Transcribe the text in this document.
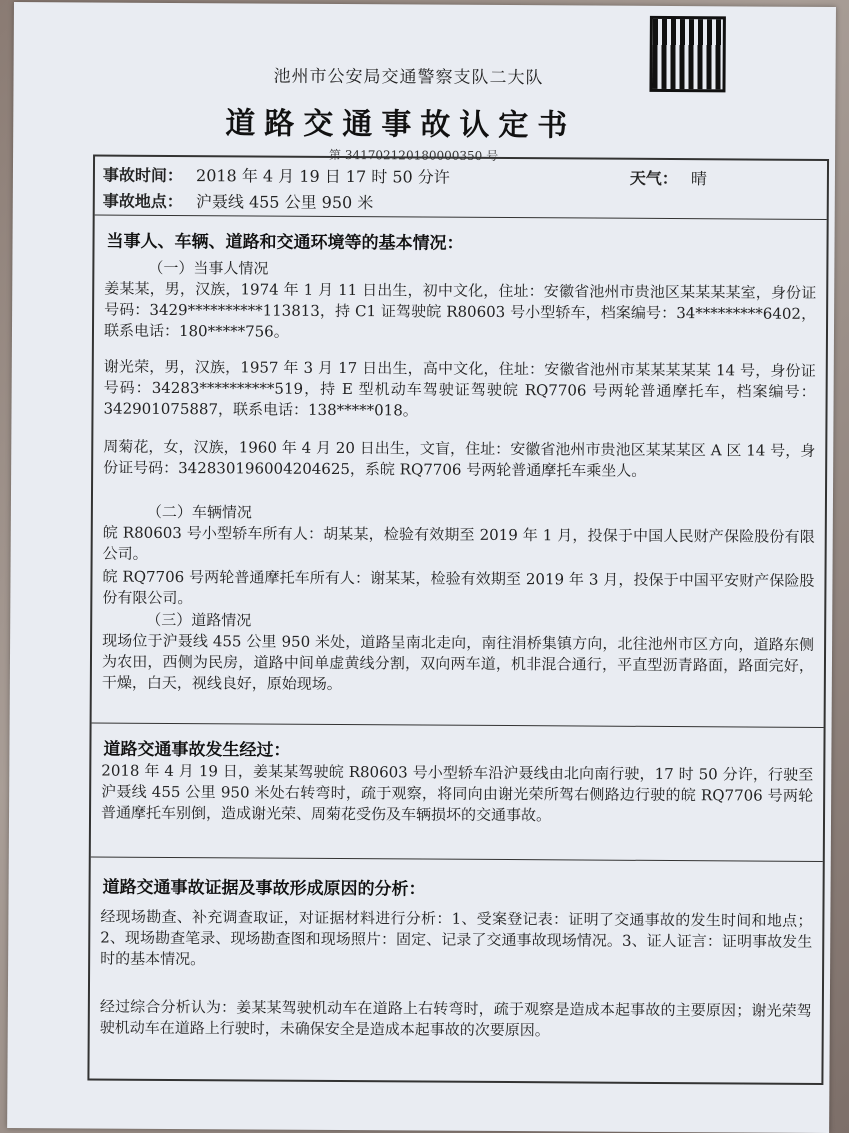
池州市公安局交通警察支队二大队
道路交通事故认定书
第 341702120180000350 号
事故时间： 2018 年 4 月 19 日 17 时 50 分许	天气： 晴
事故地点： 沪聂线 455 公里 950 米
当事人、车辆、道路和交通环境等的基本情况：
（一）当事人情况
姜某某，男，汉族，1974 年 1 月 11 日出生，初中文化，住址：安徽省池州市贵池区某某某某室，身份证号码：3429**********113813，持 C1 证驾驶皖 R80603 号小型轿车，档案编号：34*********6402，联系电话：180*****756。
谢光荣，男，汉族，1957 年 3 月 17 日出生，高中文化，住址：安徽省池州市某某某某某 14 号，身份证号码：34283**********519，持 E 型机动车驾驶证驾驶皖 RQ7706 号两轮普通摩托车，档案编号：342901075887，联系电话：138*****018。
周菊花，女，汉族，1960 年 4 月 20 日出生，文盲，住址：安徽省池州市贵池区某某某区 A 区 14 号，身份证号码：342830196004204625，系皖 RQ7706 号两轮普通摩托车乘坐人。
（二）车辆情况
皖 R80603 号小型轿车所有人：胡某某，检验有效期至 2019 年 1 月，投保于中国人民财产保险股份有限公司。
皖 RQ7706 号两轮普通摩托车所有人：谢某某，检验有效期至 2019 年 3 月，投保于中国平安财产保险股份有限公司。
（三）道路情况
现场位于沪聂线 455 公里 950 米处，道路呈南北走向，南往涓桥集镇方向，北往池州市区方向，道路东侧为农田，西侧为民房，道路中间单虚黄线分割，双向两车道，机非混合通行，平直型沥青路面，路面完好，干燥，白天，视线良好，原始现场。
道路交通事故发生经过：
2018 年 4 月 19 日，姜某某驾驶皖 R80603 号小型轿车沿沪聂线由北向南行驶，17 时 50 分许，行驶至沪聂线 455 公里 950 米处右转弯时，疏于观察，将同向由谢光荣所驾右侧路边行驶的皖 RQ7706 号两轮普通摩托车别倒，造成谢光荣、周菊花受伤及车辆损坏的交通事故。
道路交通事故证据及事故形成原因的分析：
经现场勘查、补充调查取证，对证据材料进行分析：1、受案登记表：证明了交通事故的发生时间和地点；2、现场勘查笔录、现场勘查图和现场照片：固定、记录了交通事故现场情况。3、证人证言：证明事故发生时的基本情况。
经过综合分析认为：姜某某驾驶机动车在道路上右转弯时，疏于观察是造成本起事故的主要原因；谢光荣驾驶机动车在道路上行驶时，未确保安全是造成本起事故的次要原因。
